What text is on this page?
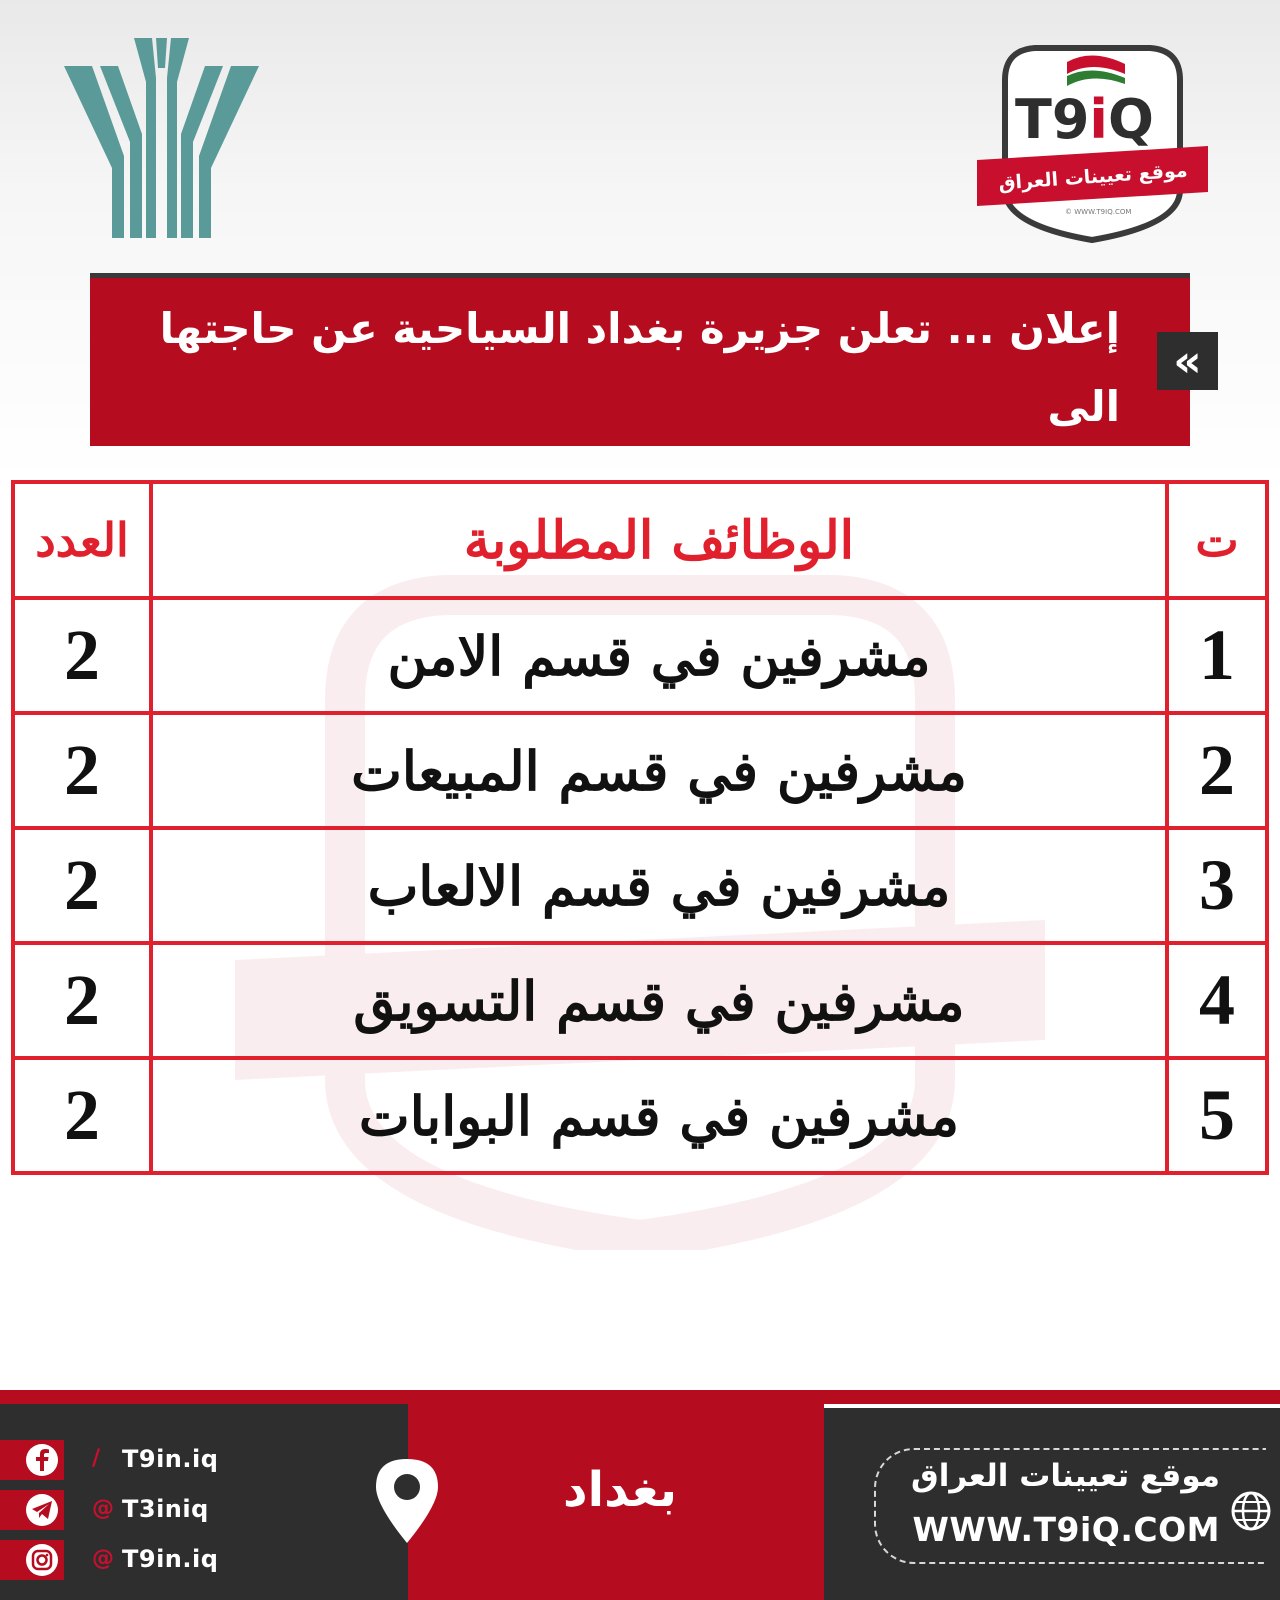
T9iQ
موقع تعيينات العراق
© WWW.T9IQ.COM
إعلان ... تعلن جزيرة بغداد السياحية عن حاجتها الى
«
ت	الوظائف المطلوبة	العدد
1	مشرفين في قسم الامن	2
2	مشرفين في قسم المبيعات	2
3	مشرفين في قسم الالعاب	2
4	مشرفين في قسم التسويق	2
5	مشرفين في قسم البوابات	2
/ T9in.iq
@ T3iniq
@ T9in.iq
بغداد	موقع تعيينات العراق
WWW.T9iQ.COM
